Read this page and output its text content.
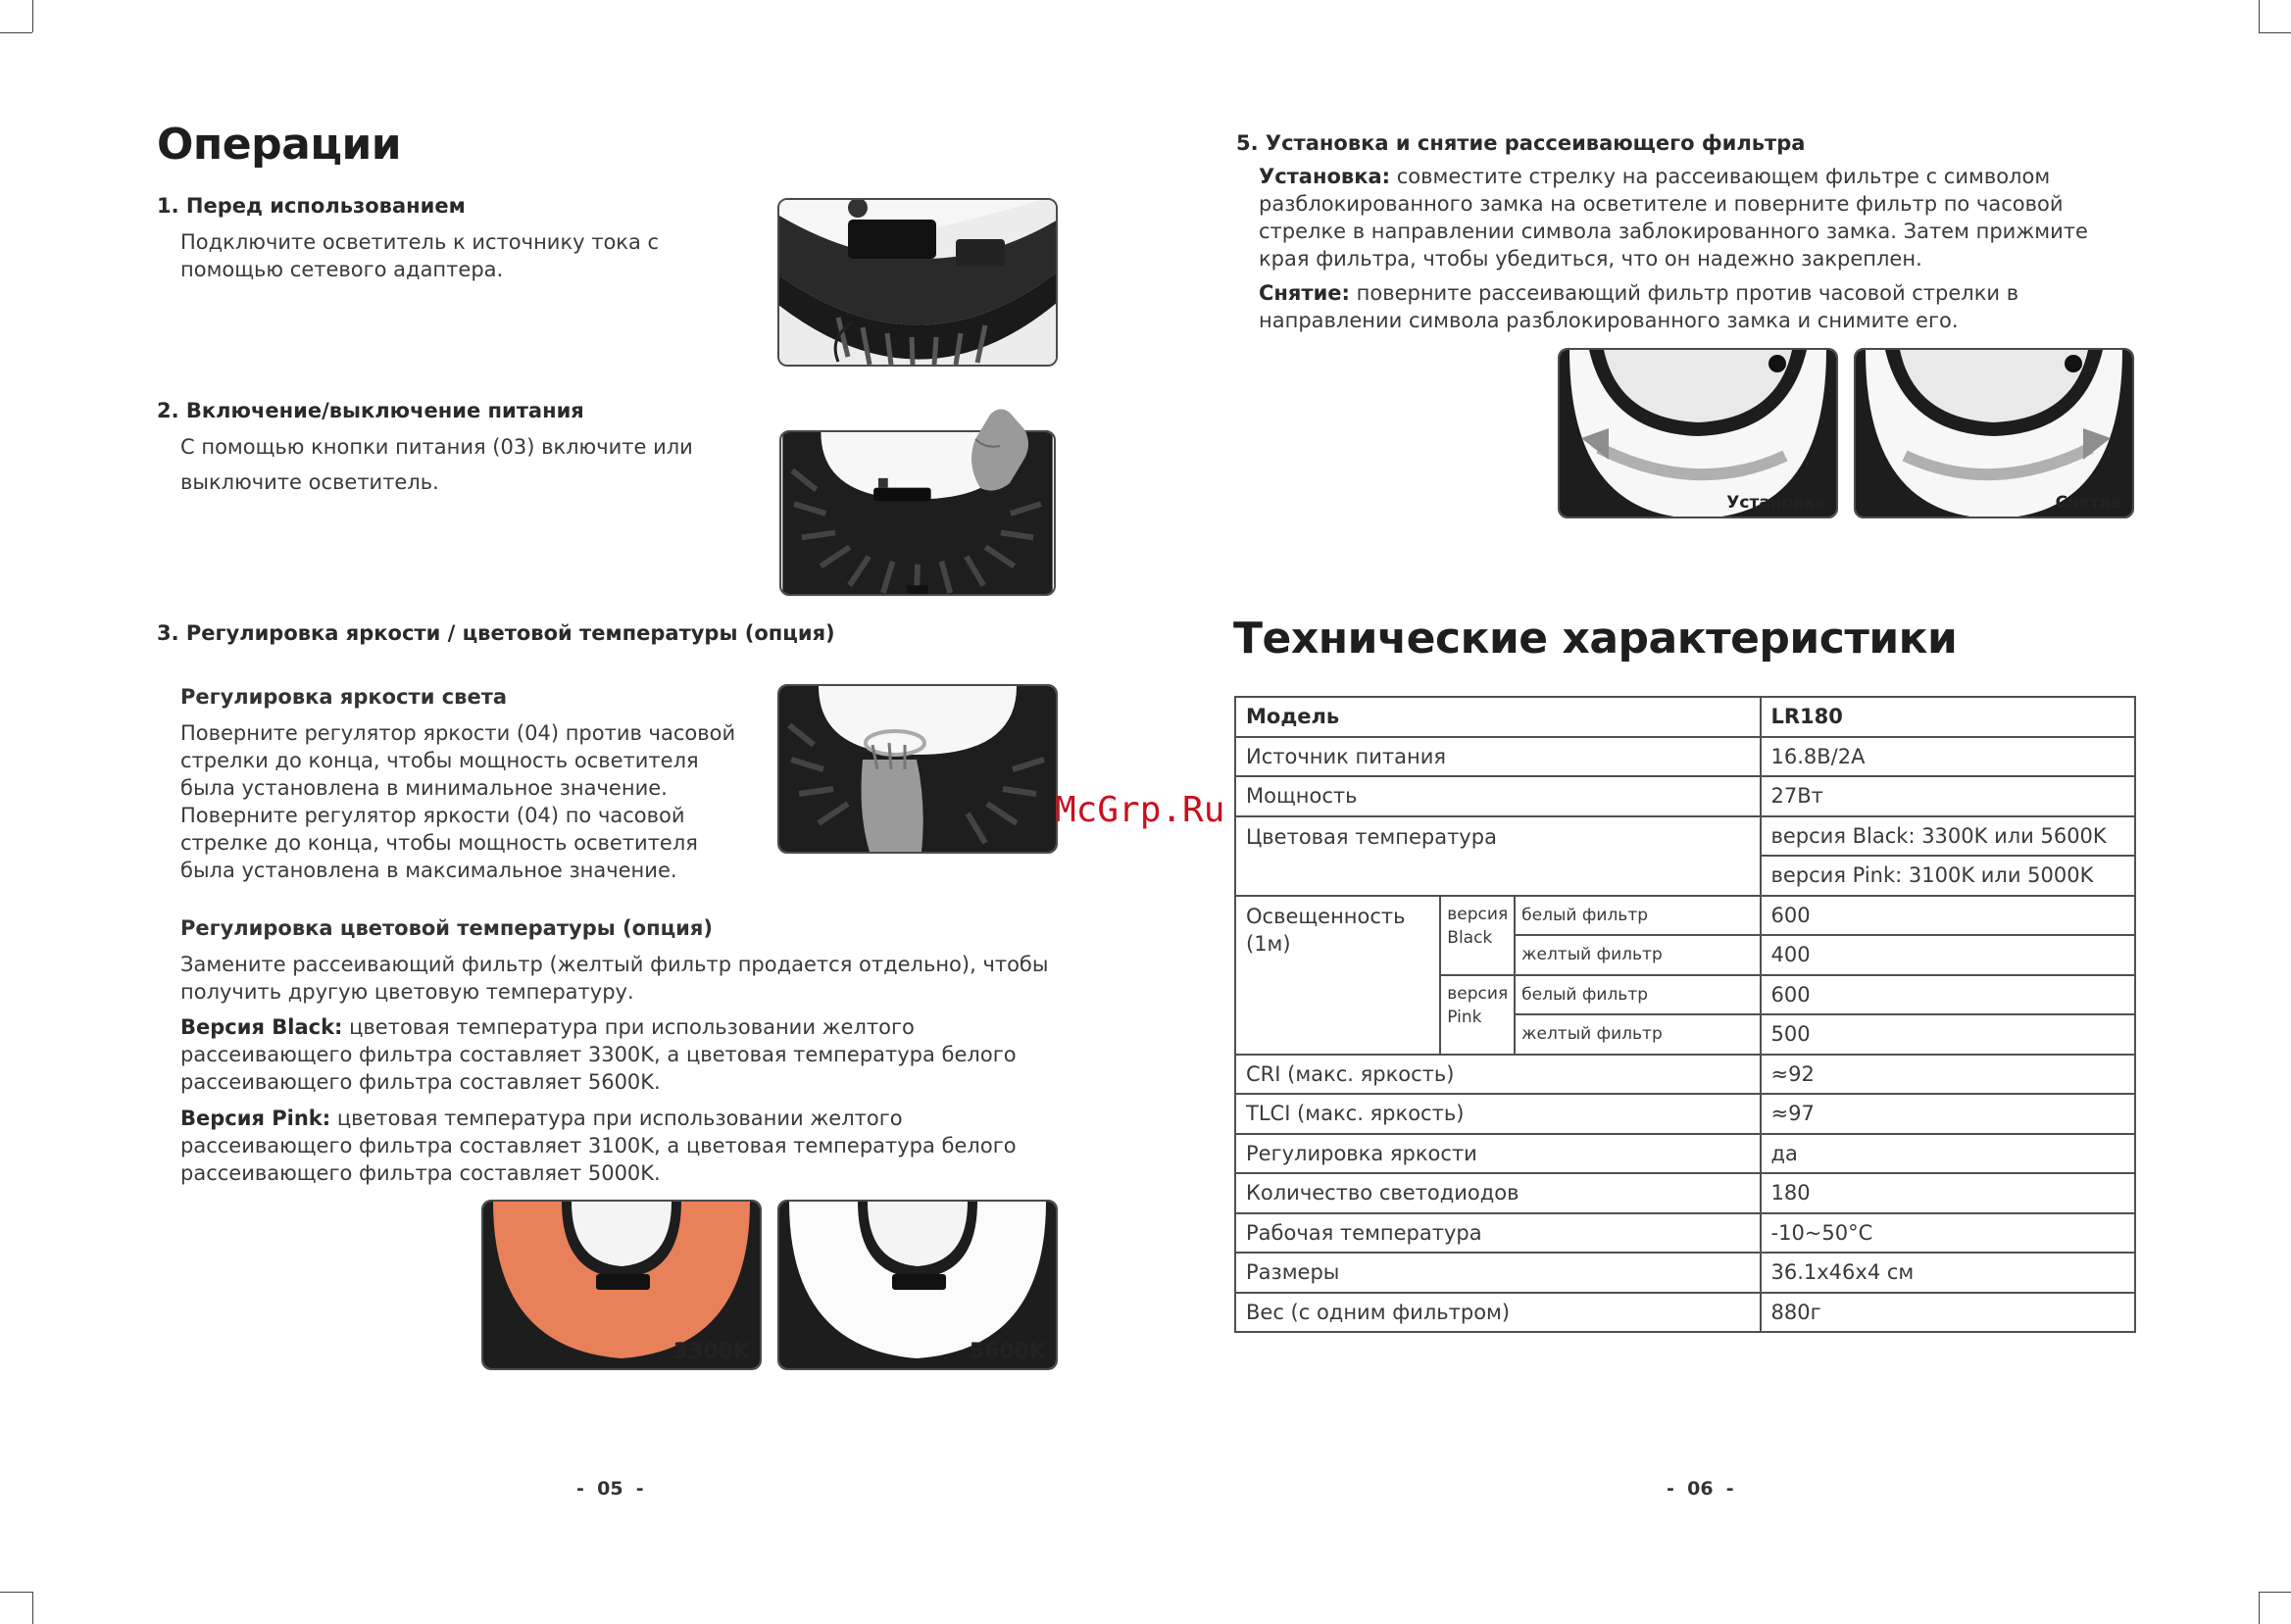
Операции
1. Перед использованием
Подключите осветитель к источнику тока с помощью сетевого адаптера.
2. Включение/выключение питания
С помощью кнопки питания (03) включите или
выключите осветитель.
3. Регулировка яркости / цветовой температуры (опция)
Регулировка яркости света
Поверните регулятор яркости (04) против часовой стрелки до конца, чтобы мощность осветителя была установлена в минимальное значение. Поверните регулятор яркости (04) по часовой стрелке до конца, чтобы мощность осветителя была установлена в максимальное значение.
Регулировка цветовой температуры (опция)
Замените рассеивающий фильтр (желтый фильтр продается отдельно), чтобы получить другую цветовую температуру.
Версия Black: цветовая температура при использовании желтого рассеивающего фильтра составляет 3300K, а цветовая температура белого рассеивающего фильтра составляет 5600K.
Версия Pink: цветовая температура при использовании желтого рассеивающего фильтра составляет 3100K, а цветовая температура белого рассеивающего фильтра составляет 5000K.
3300K	5600K
-  05  -
5. Установка и снятие рассеивающего фильтра
Установка: совместите стрелку на рассеивающем фильтре с символом разблокированного замка на осветителе и поверните фильтр по часовой стрелке в направлении символа заблокированного замка. Затем прижмите края фильтра, чтобы убедиться, что он надежно закреплен.
Снятие: поверните рассеивающий фильтр против часовой стрелки в направлении символа разблокированного замка и снимите его.
Установка	Снятие
Технические характеристики
Модель			LR180
Источник питания			16.8В/2А
Мощность			27Вт
Цветовая температура			версия Black: 3300K или 5600K
			версия Pink: 3100K или 5000K
Освещенность (1м)	версия Black	белый фильтр	600
		желтый фильтр	400
	версия Pink	белый фильтр	600
		желтый фильтр	500
CRI (макс. яркость)			≈92
TLCI (макс. яркость)			≈97
Регулировка яркости			да
Количество светодиодов			180
Рабочая температура			-10~50°C
Размеры			36.1x46x4 см
Вес (с одним фильтром)			880г
-  06  -
McGrp.Ru
